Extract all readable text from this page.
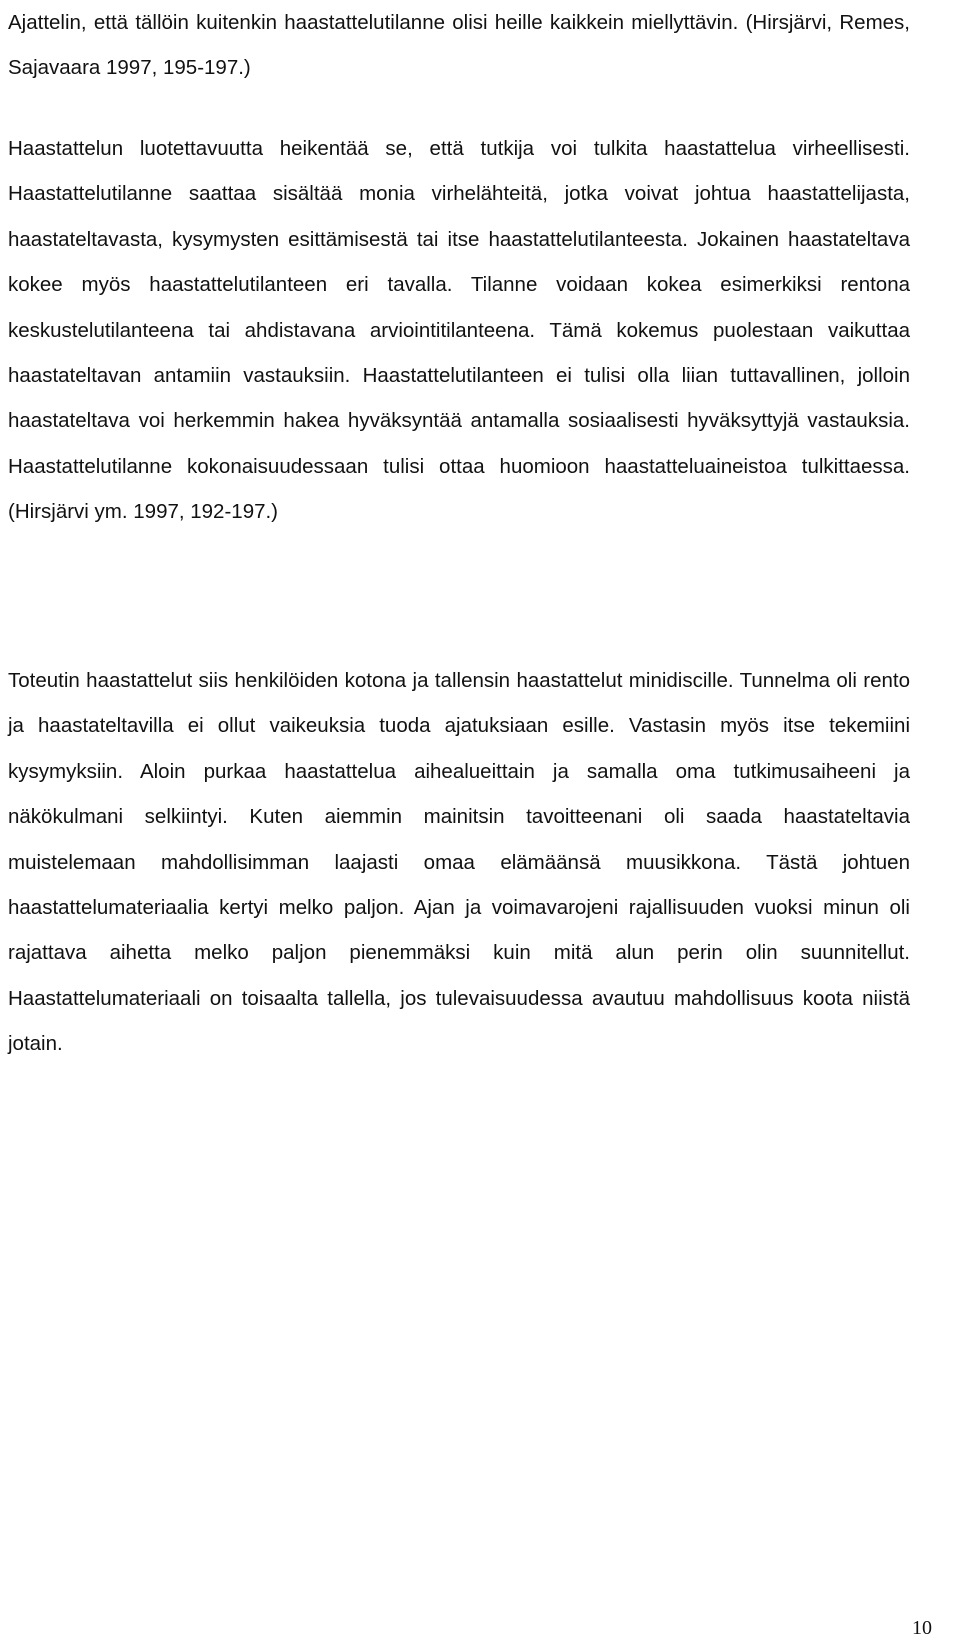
Ajattelin, että tällöin kuitenkin haastattelutilanne olisi heille kaikkein miellyttävin. (Hirsjärvi, Remes, Sajavaara 1997, 195-197.)

Haastattelun luotettavuutta heikentää se, että tutkija voi tulkita haastattelua virheellisesti. Haastattelutilanne saattaa sisältää monia virhelähteitä, jotka voivat johtua haastattelijasta, haastateltavasta, kysymysten esittämisestä tai itse haastattelutilanteesta. Jokainen haastateltava kokee myös haastattelutilanteen eri tavalla. Tilanne voidaan kokea esimerkiksi rentona keskustelutilanteena tai ahdistavana arviointitilanteena. Tämä kokemus puolestaan vaikuttaa haastateltavan antamiin vastauksiin. Haastattelutilanteen ei tulisi olla liian tuttavallinen, jolloin haastateltava voi herkemmin hakea hyväksyntää antamalla sosiaalisesti hyväksyttyjä vastauksia. Haastattelutilanne kokonaisuudessaan tulisi ottaa huomioon haastatteluaineistoa tulkittaessa. (Hirsjärvi ym. 1997, 192-197.)

Toteutin haastattelut siis henkilöiden kotona ja tallensin haastattelut minidiscille. Tunnelma oli rento ja haastateltavilla ei ollut vaikeuksia tuoda ajatuksiaan esille. Vastasin myös itse tekemiini kysymyksiin. Aloin purkaa haastattelua aihealueittain ja samalla oma tutkimusaiheeni ja näkökulmani selkiintyi. Kuten aiemmin mainitsin tavoitteenani oli saada haastateltavia muistelemaan mahdollisimman laajasti omaa elämäänsä muusikkona. Tästä johtuen haastattelumateriaalia kertyi melko paljon. Ajan ja voimavarojeni rajallisuuden vuoksi minun oli rajattava aihetta melko paljon pienemmäksi kuin mitä alun perin olin suunnitellut. Haastattelumateriaali on toisaalta tallella, jos tulevaisuudessa avautuu mahdollisuus koota niistä jotain.

10
